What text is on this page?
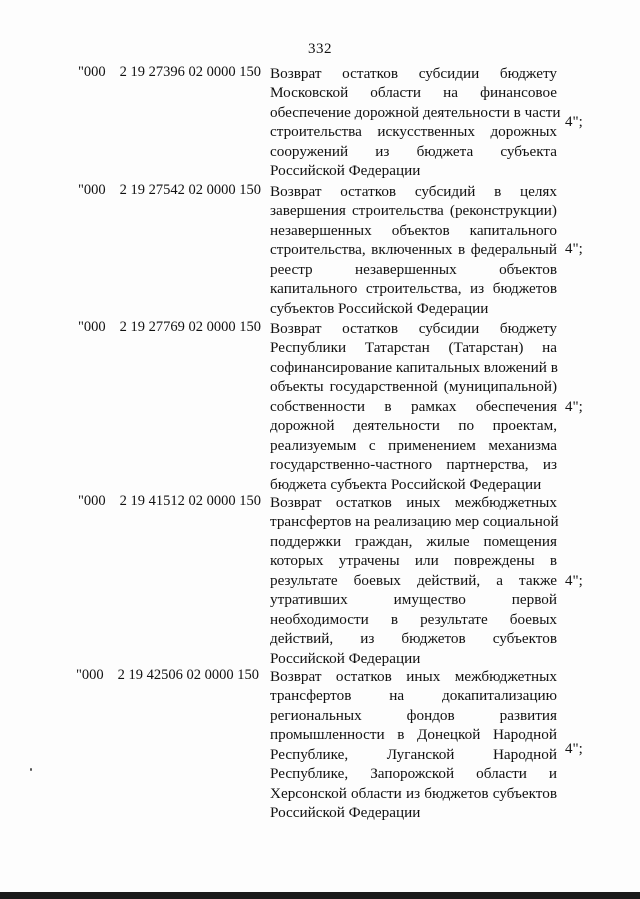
332
"000 2 19 27396 02 0000 150 Возврат остатков субсидии бюджету
Московской области на финансовое
обеспечение дорожной деятельности в части
строительства искусственных дорожных
сооружений из бюджета субъекта
Российской Федерации
4";
"000 2 19 27542 02 0000 150 Возврат остатков субсидий в целях
завершения строительства (реконструкции)
незавершенных объектов капитального
строительства, включенных в федеральный
реестр незавершенных объектов
капитального строительства, из бюджетов
субъектов Российской Федерации
4";
"000 2 19 27769 02 0000 150 Возврат остатков субсидии бюджету
Республики Татарстан (Татарстан) на
софинансирование капитальных вложений в
объекты государственной (муниципальной)
собственности в рамках обеспечения
дорожной деятельности по проектам,
реализуемым с применением механизма
государственно-частного партнерства, из
бюджета субъекта Российской Федерации
4";
"000 2 19 41512 02 0000 150 Возврат остатков иных межбюджетных
трансфертов на реализацию мер социальной
поддержки граждан, жилые помещения
которых утрачены или повреждены в
результате боевых действий, а также
утративших имущество первой
необходимости в результате боевых
действий, из бюджетов субъектов
Российской Федерации
4";
"000 2 19 42506 02 0000 150 Возврат остатков иных межбюджетных
трансфертов на докапитализацию
региональных фондов развития
промышленности в Донецкой Народной
Республике, Луганской Народной
Республике, Запорожской области и
Херсонской области из бюджетов субъектов
Российской Федерации
4";
